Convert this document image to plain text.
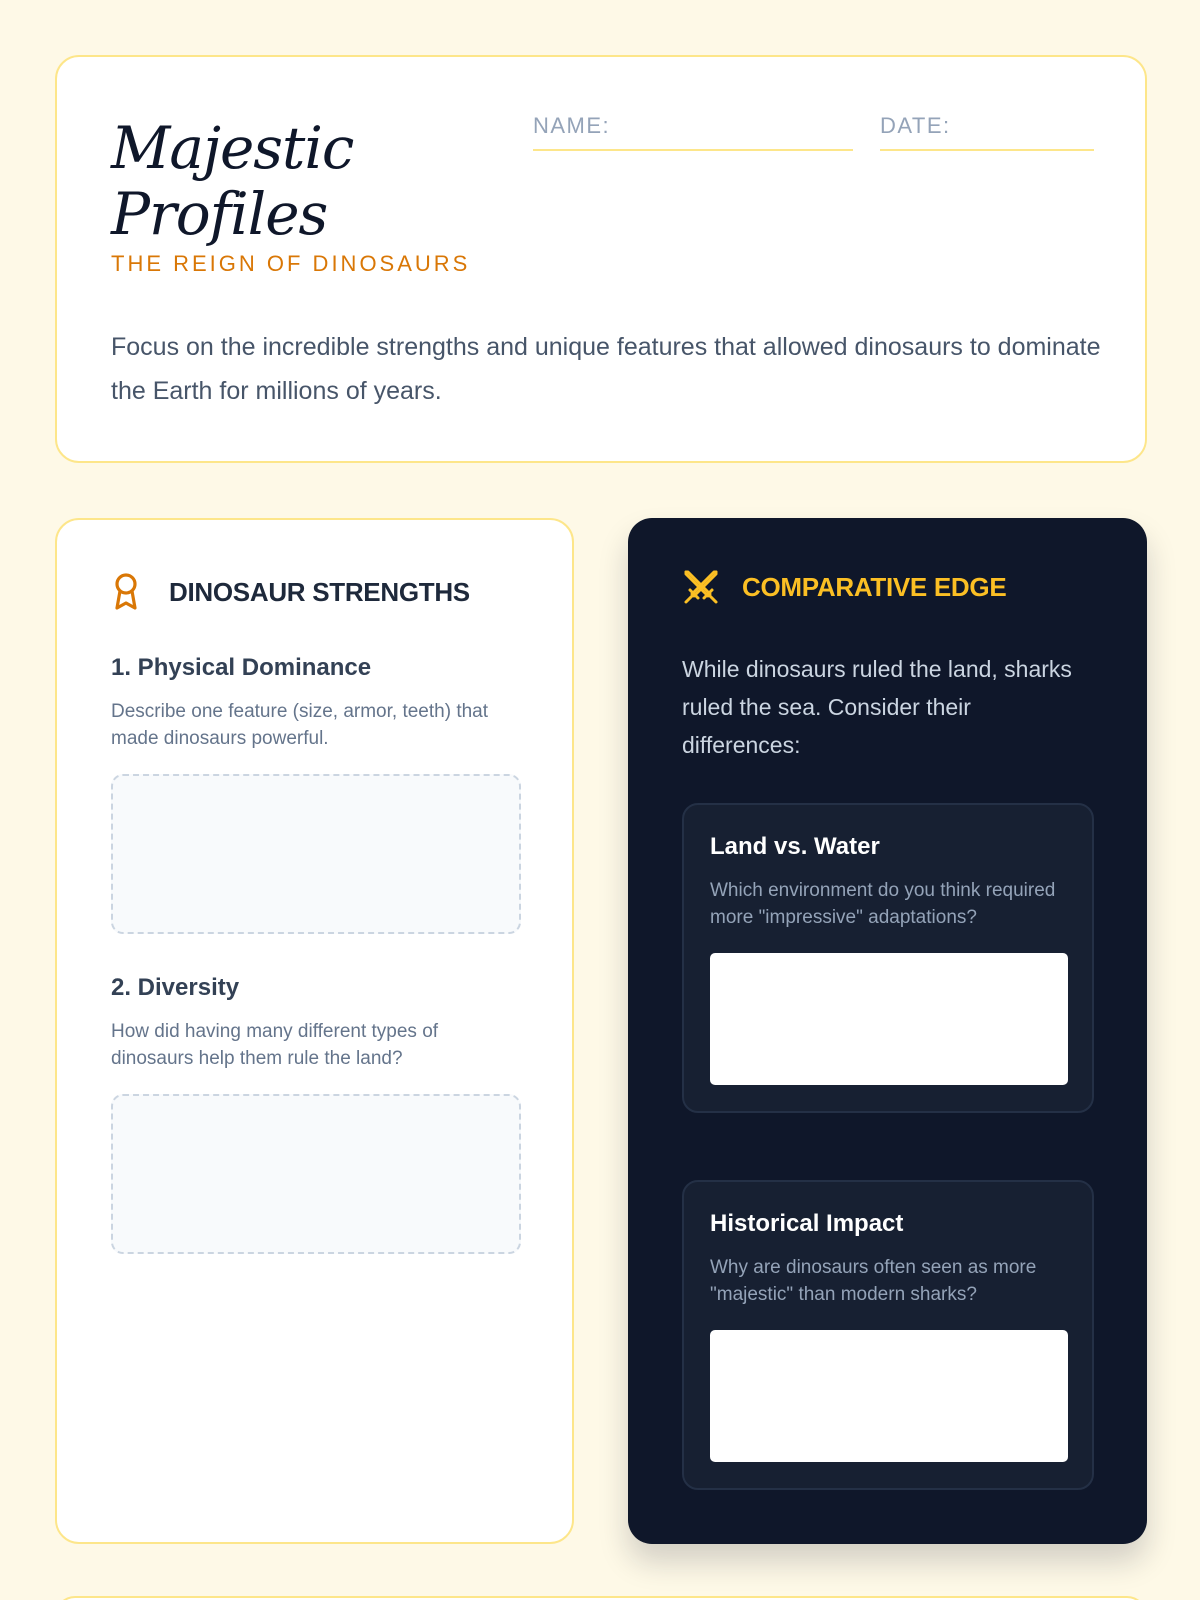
Majestic
Profiles
THE REIGN OF DINOSAURS
NAME:	DATE:

Focus on the incredible strengths and unique features that allowed dinosaurs to dominate the Earth for millions of years.

DINOSAUR STRENGTHS
1. Physical Dominance
Describe one feature (size, armor, teeth) that made dinosaurs powerful.
2. Diversity
How did having many different types of dinosaurs help them rule the land?
COMPARATIVE EDGE

While dinosaurs ruled the land, sharks ruled the sea. Consider their differences:

Land vs. Water
Which environment do you think required more "impressive" adaptations?
Historical Impact
Why are dinosaurs often seen as more "majestic" than modern sharks?
